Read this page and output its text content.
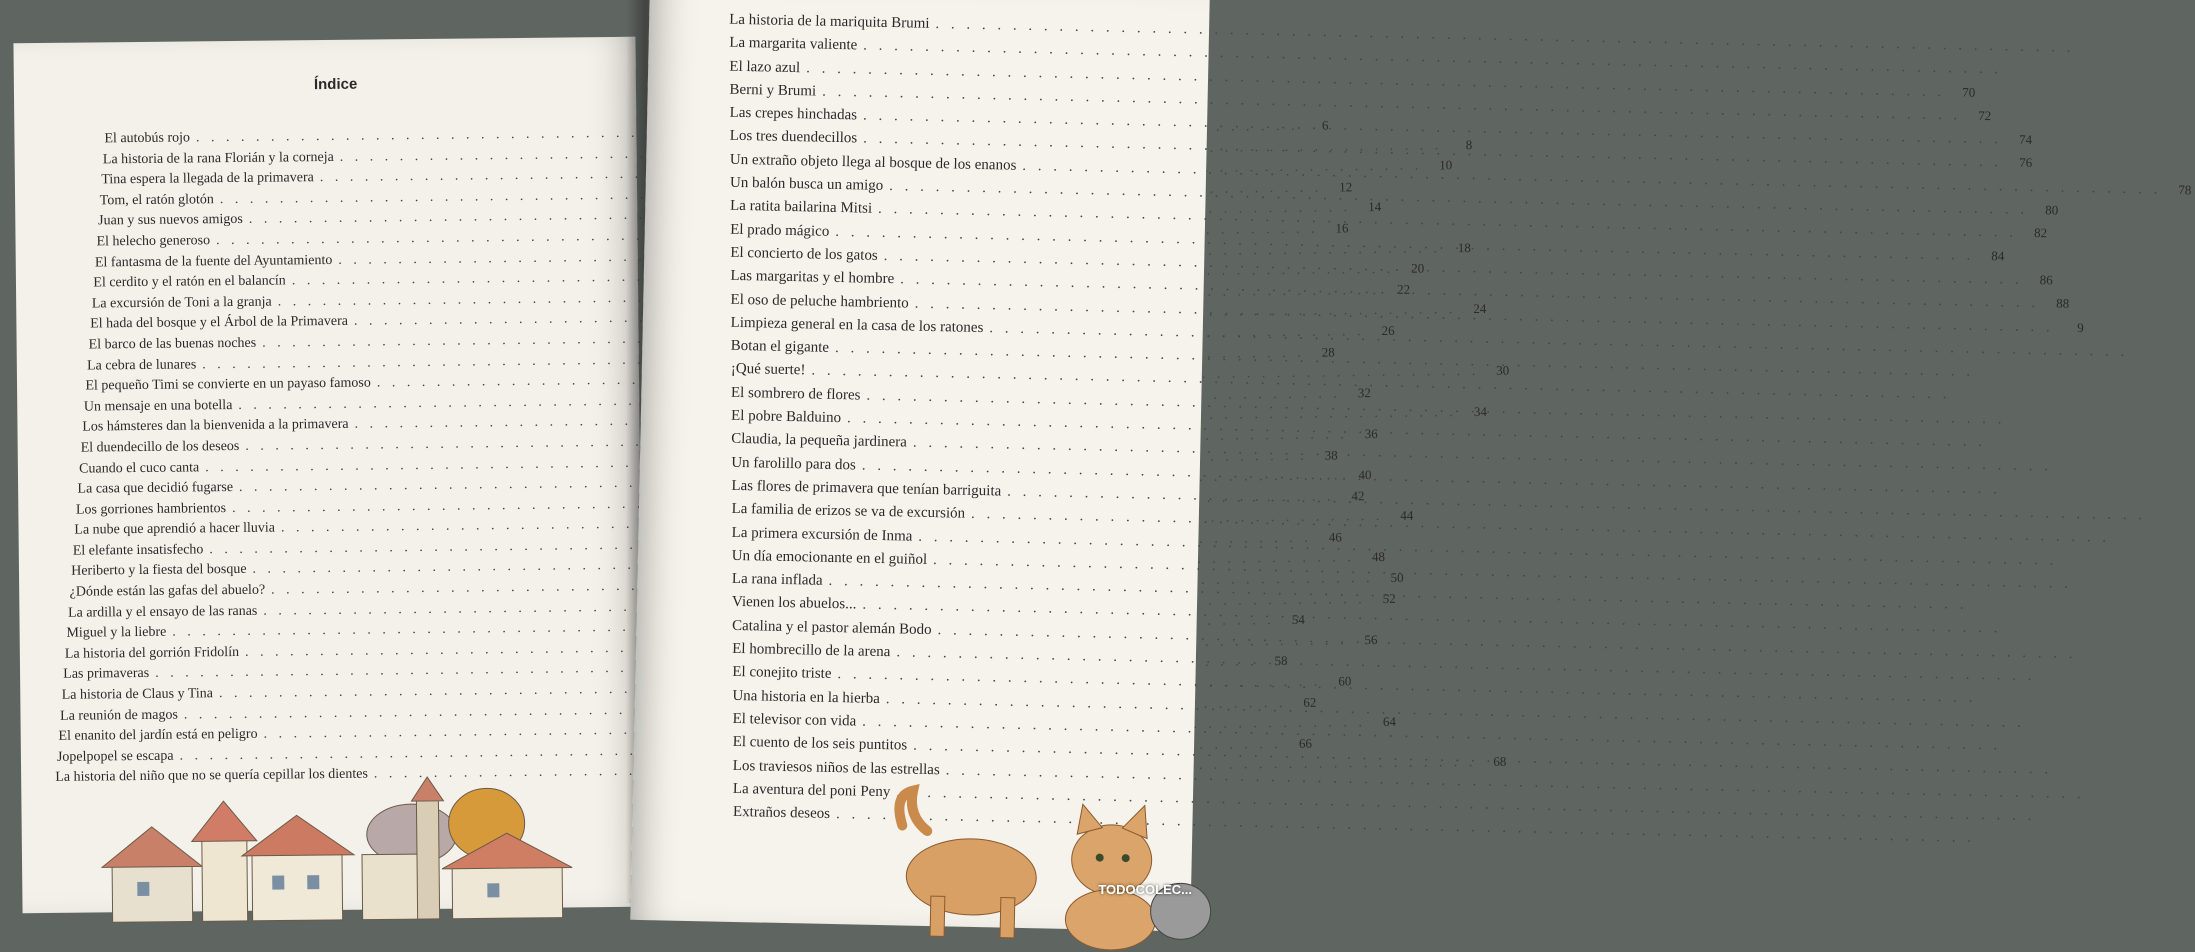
Índice
El autobús rojo
. . .
6
La historia de la rana Florián y la corneja
. . .
8
Tina espera la llegada de la primavera
. . .
10
Tom, el ratón glotón
. . .
12
Juan y sus nuevos amigos
. . .
14
El helecho generoso
. . .
16
El fantasma de la fuente del Ayuntamiento
. . .
18
El cerdito y el ratón en el balancín
. . .
20
La excursión de Toni a la granja
. . .
22
El hada del bosque y el Árbol de la Primavera
. . .
24
El barco de las buenas noches
. . .
26
La cebra de lunares
. . .
28
El pequeño Timi se convierte en un payaso famoso
. . .
30
Un mensaje en una botella
. . .
32
Los hámsteres dan la bienvenida a la primavera
. . .
34
El duendecillo de los deseos
. . .
36
Cuando el cuco canta
. . .
38
La casa que decidió fugarse
. . .
40
Los gorriones hambrientos
. . .
42
La nube que aprendió a hacer lluvia
. . .
44
El elefante insatisfecho
. . .
46
Heriberto y la fiesta del bosque
. . .
48
¿Dónde están las gafas del abuelo?
. . .
50
La ardilla y el ensayo de las ranas
. . .
52
Miguel y la liebre
. . .
54
La historia del gorrión Fridolín
. . .
56
Las primaveras
. . .
58
La historia de Claus y Tina
. . .
60
La reunión de magos
. . .
62
El enanito del jardín está en peligro
. . .
64
Jopelpopel se escapa
. . .
66
La historia del niño que no se quería cepillar los dientes
. . .
68
La historia de la mariquita Brumi
. . .
La margarita valiente
. . .
El lazo azul
. . .
70
Berni y Brumi
. . .
72
Las crepes hinchadas
. . .
74
Los tres duendecillos
. . .
76
Un extraño objeto llega al bosque de los enanos
. . .
78
Un balón busca un amigo
. . .
80
La ratita bailarina Mitsi
. . .
82
El prado mágico
. . .
84
El concierto de los gatos
. . .
86
Las margaritas y el hombre
. . .
88
El oso de peluche hambriento
. . .
9
Limpieza general en la casa de los ratones
. . .
Botan el gigante
. . .
¡Qué suerte!
. . .
El sombrero de flores
. . .
El pobre Balduino
. . .
Claudia, la pequeña jardinera
. . .
Un farolillo para dos
. . .
Las flores de primavera que tenían barriguita
. . .
La familia de erizos se va de excursión
. . .
La primera excursión de Inma
. . .
Un día emocionante en el guiñol
. . .
La rana inflada
. . .
Vienen los abuelos...
. . .
Catalina y el pastor alemán Bodo
. . .
El hombrecillo de la arena
. . .
El conejito triste
. . .
Una historia en la hierba
. . .
El televisor con vida
. . .
El cuento de los seis puntitos
. . .
Los traviesos niños de las estrellas
. . .
La aventura del poni Peny
. . .
Extraños deseos
. . .
TODOCOLEC...
